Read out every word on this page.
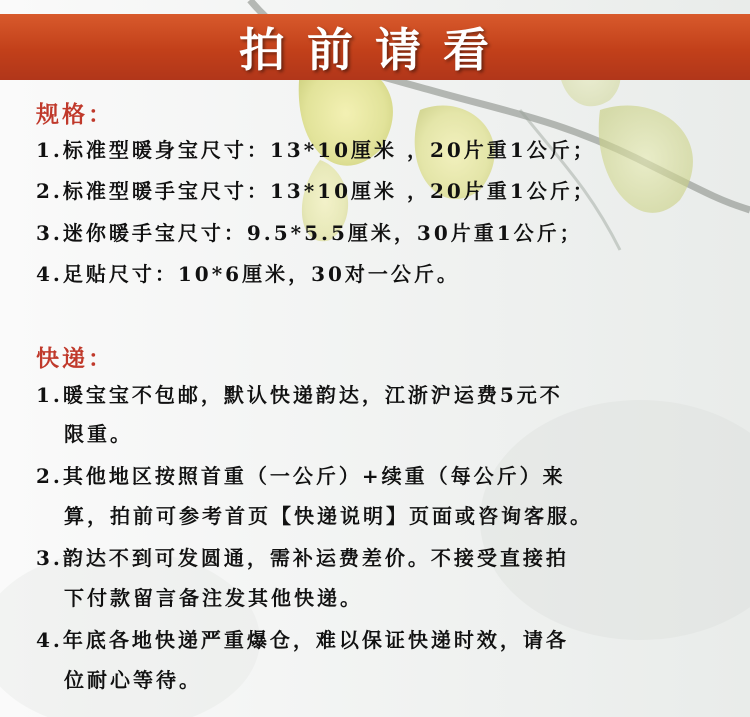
拍前请看
规格：
1.标准型暖身宝尺寸：13*10厘米 ，20片重1公斤；
2.标准型暖手宝尺寸：13*10厘米 ，20片重1公斤；
3.迷你暖手宝尺寸：9.5*5.5厘米，30片重1公斤；
4.足贴尺寸：10*6厘米，30对一公斤。
快递：
1.暖宝宝不包邮，默认快递韵达，江浙沪运费5元不
限重。
2.其他地区按照首重（一公斤）+续重（每公斤）来
算，拍前可参考首页【快递说明】页面或咨询客服。
3.韵达不到可发圆通，需补运费差价。不接受直接拍
下付款留言备注发其他快递。
4.年底各地快递严重爆仓，难以保证快递时效，请各
位耐心等待。
